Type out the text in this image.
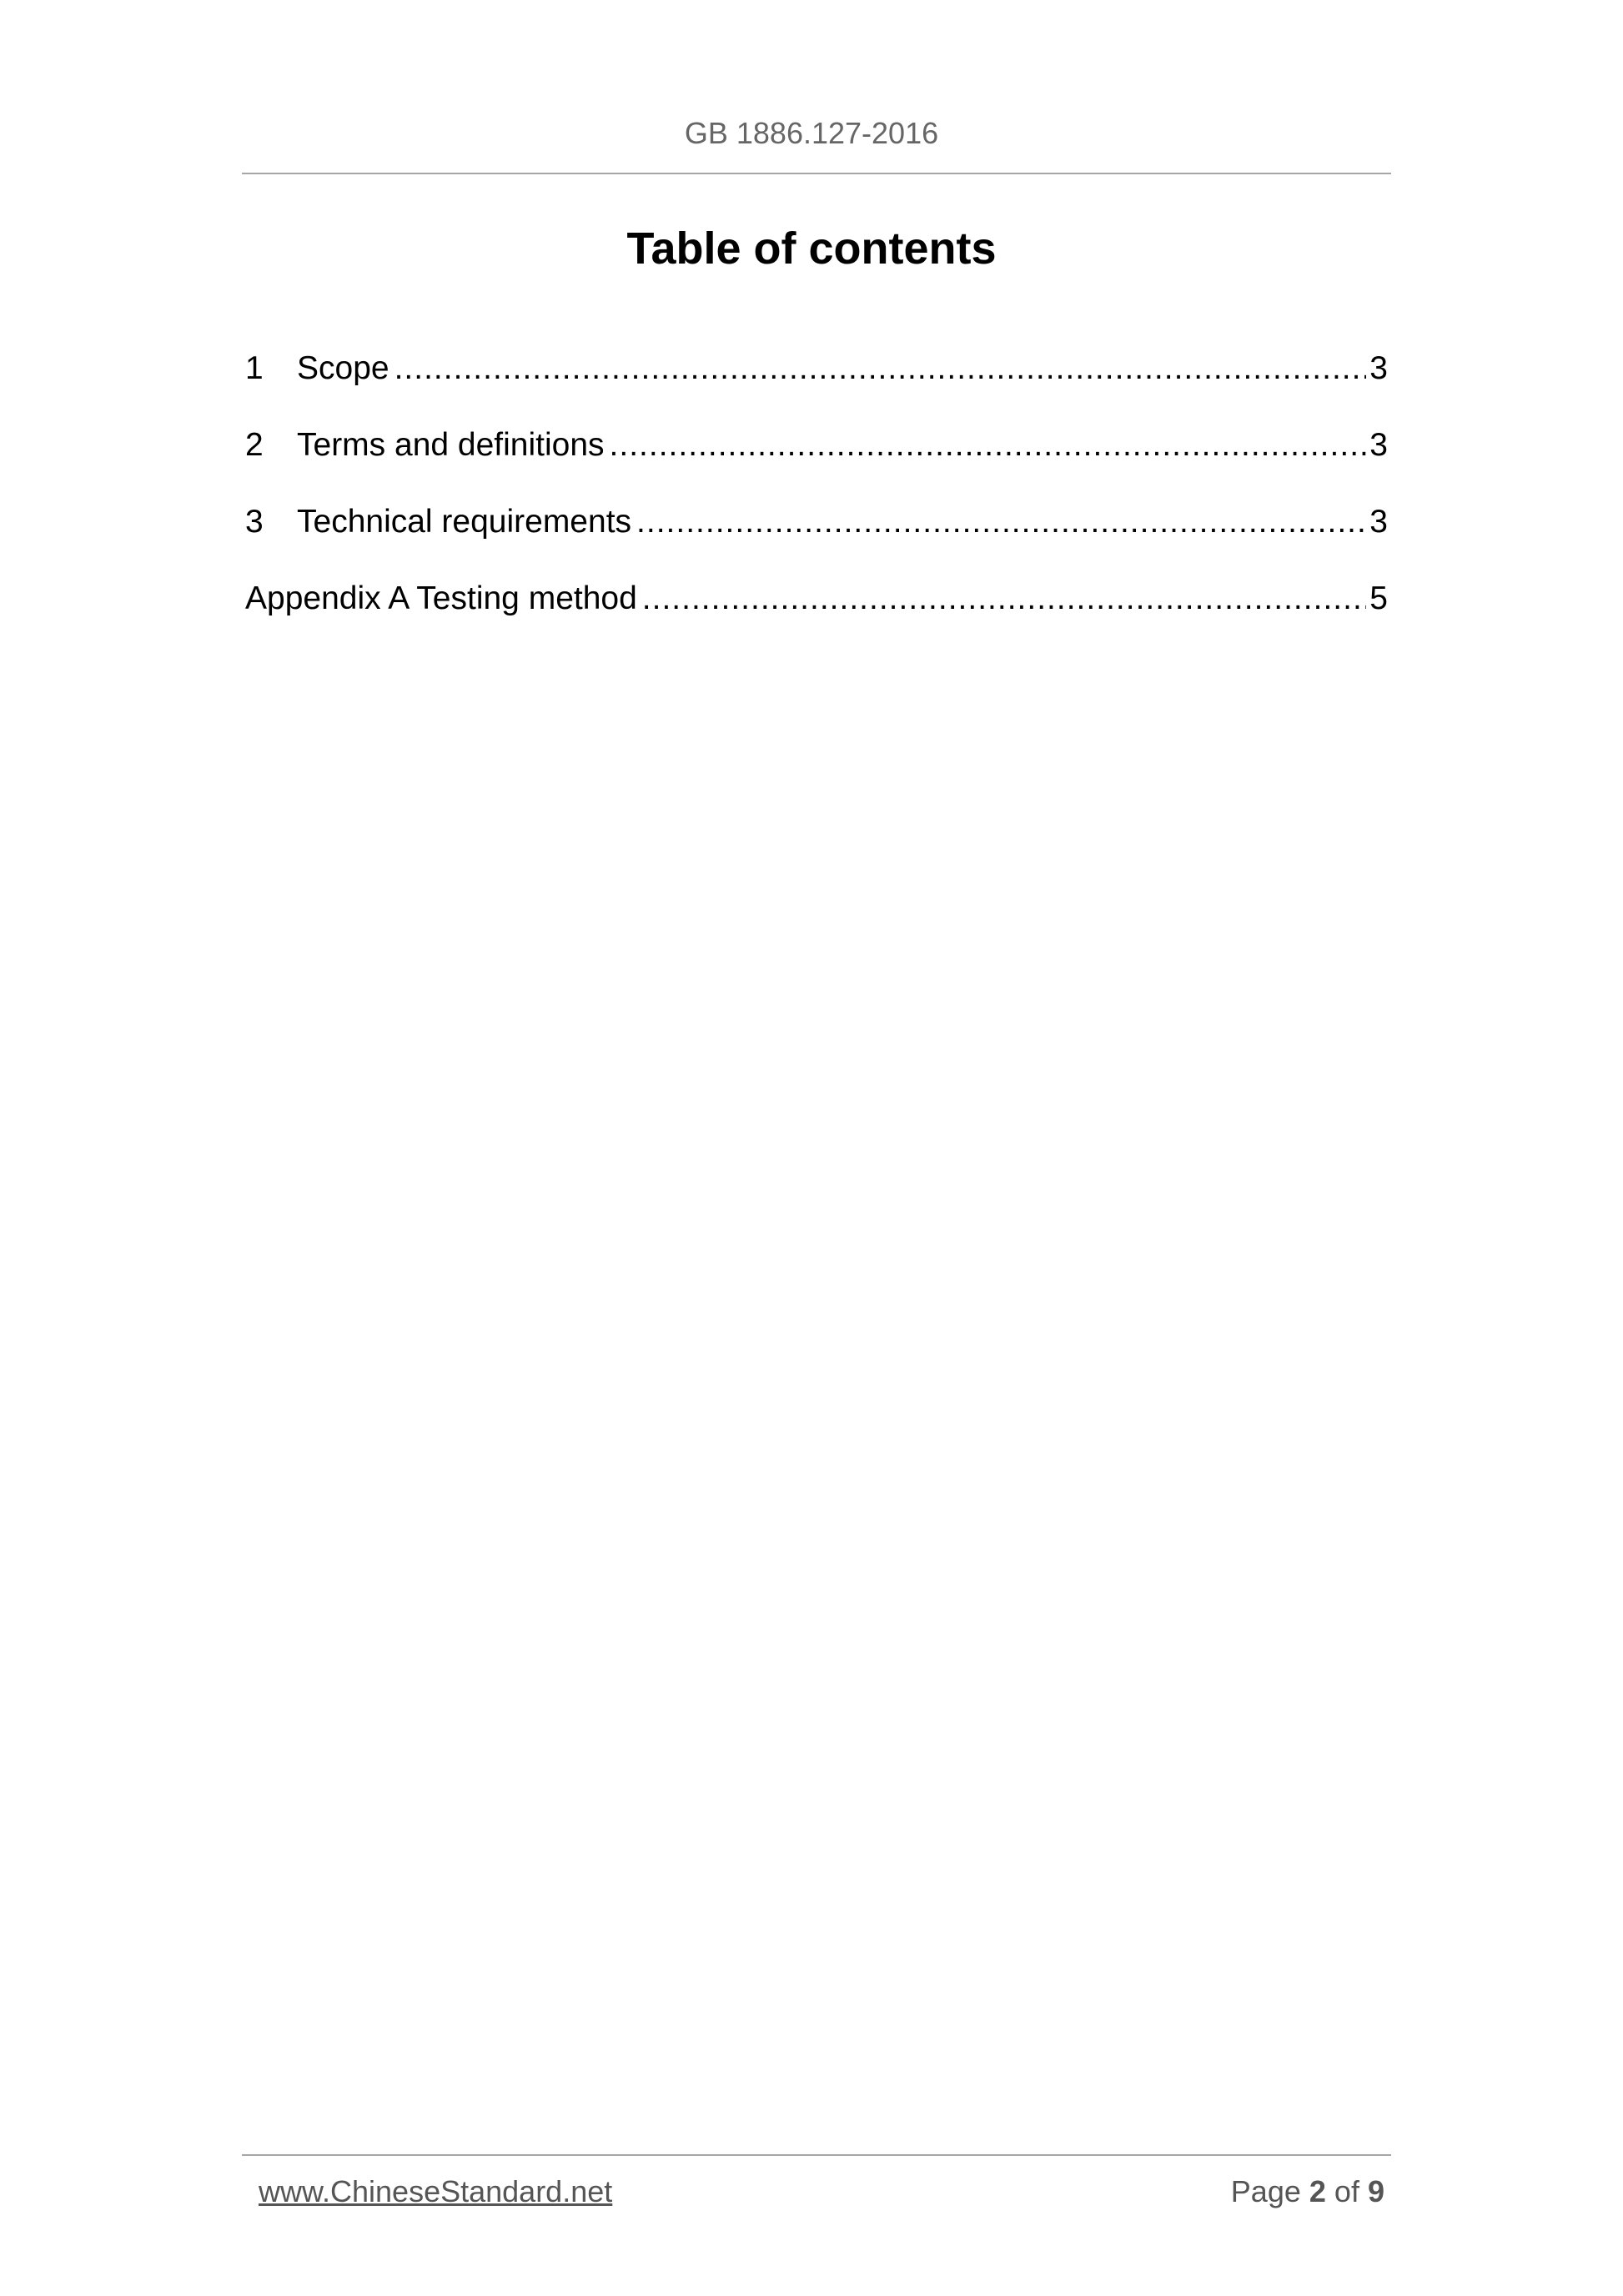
GB 1886.127-2016
Table of contents
1	Scope .....	3
2	Terms and definitions .....	3
3	Technical requirements .....	3
Appendix A Testing method .....	5
www.ChineseStandard.net	Page 2 of 9
